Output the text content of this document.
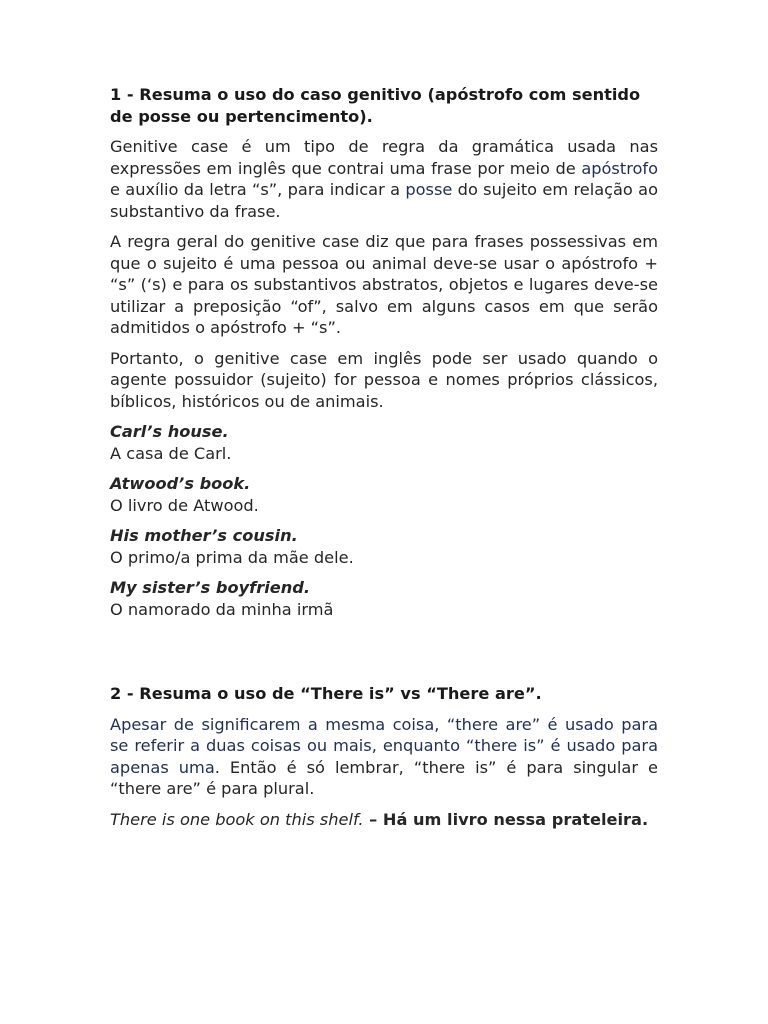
1 - Resuma o uso do caso genitivo (apóstrofo com sentido de posse ou pertencimento).

Genitive case é um tipo de regra da gramática usada nas expressões em inglês que contrai uma frase por meio de apóstrofo e auxílio da letra “s”, para indicar a posse do sujeito em relação ao substantivo da frase.

A regra geral do genitive case diz que para frases possessivas em que o sujeito é uma pessoa ou animal deve-se usar o apóstrofo + “s” (‘s) e para os substantivos abstratos, objetos e lugares deve-se utilizar a preposição “of”, salvo em alguns casos em que serão admitidos o apóstrofo + “s”.

Portanto, o genitive case em inglês pode ser usado quando o agente possuidor (sujeito) for pessoa e nomes próprios clássicos, bíblicos, históricos ou de animais.

Carl’s house.
A casa de Carl.
Atwood’s book.
O livro de Atwood.
His mother’s cousin.
O primo/a prima da mãe dele.
My sister’s boyfriend.
O namorado da minha irmã

2 - Resuma o uso de “There is” vs “There are”.

Apesar de significarem a mesma coisa, “there are” é usado para se referir a duas coisas ou mais, enquanto “there is” é usado para apenas uma. Então é só lembrar, “there is” é para singular e “there are” é para plural.

There is one book on this shelf. – Há um livro nessa prateleira.
